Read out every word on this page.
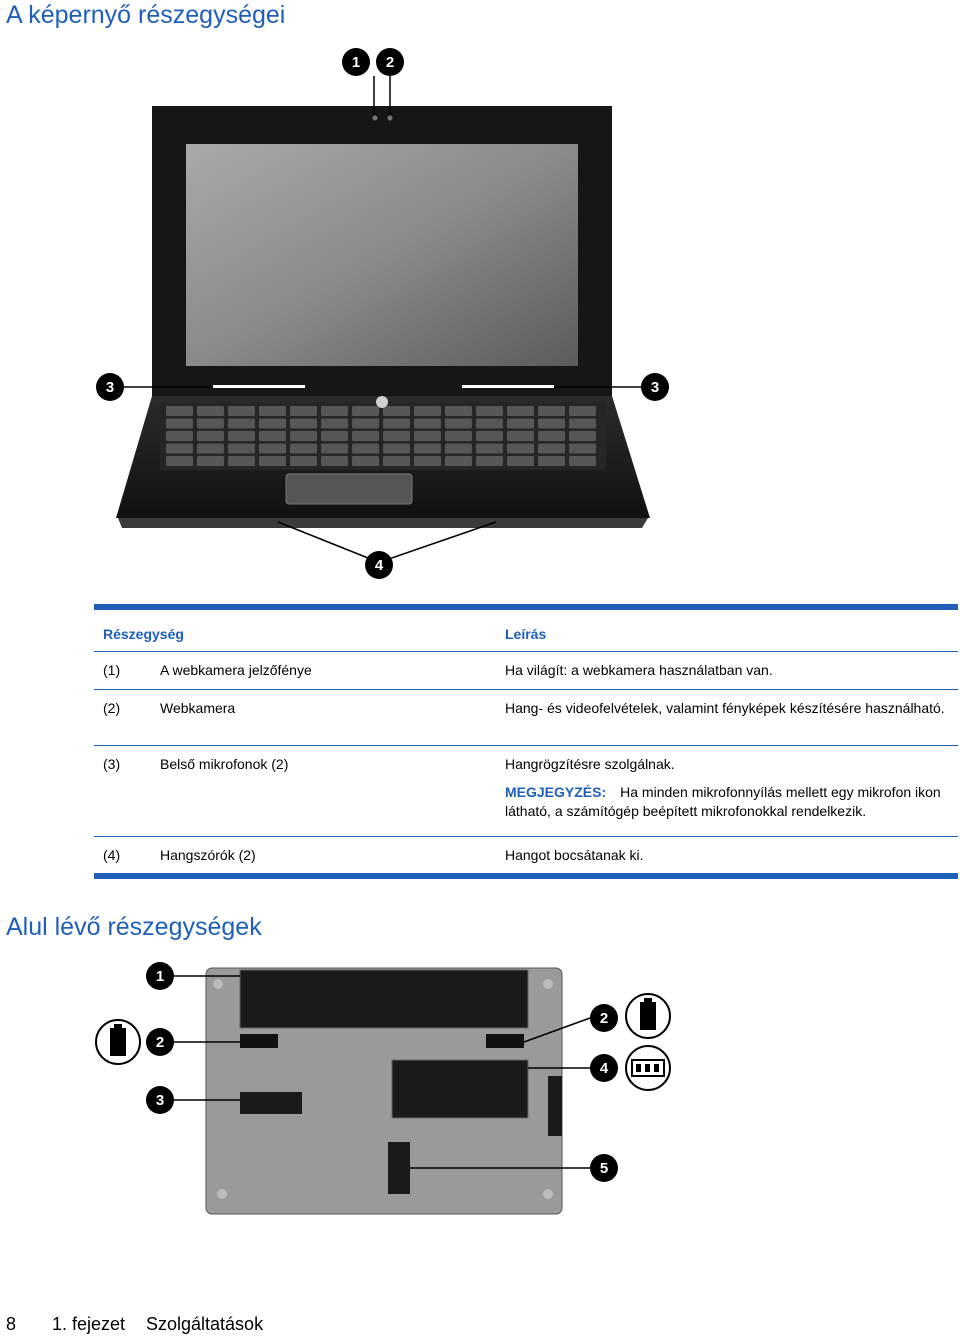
A képernyő részegységei
1 2
3	3
4
Részegység	Leírás
(1)	A webkamera jelzőfénye	Ha világít: a webkamera használatban van.
(2)	Webkamera	Hang- és videofelvételek, valamint fényképek készítésére használható.
(3)	Belső mikrofonok (2)	Hangrögzítésre szolgálnak.
MEGJEGYZÉS: Ha minden mikrofonnyílás mellett egy mikrofon ikon látható, a számítógép beépített mikrofonokkal rendelkezik.
(4)	Hangszórók (2)	Hangot bocsátanak ki.
Alul lévő részegységek
1
2
2
3
4
5
8 1. fejezet Szolgáltatások
